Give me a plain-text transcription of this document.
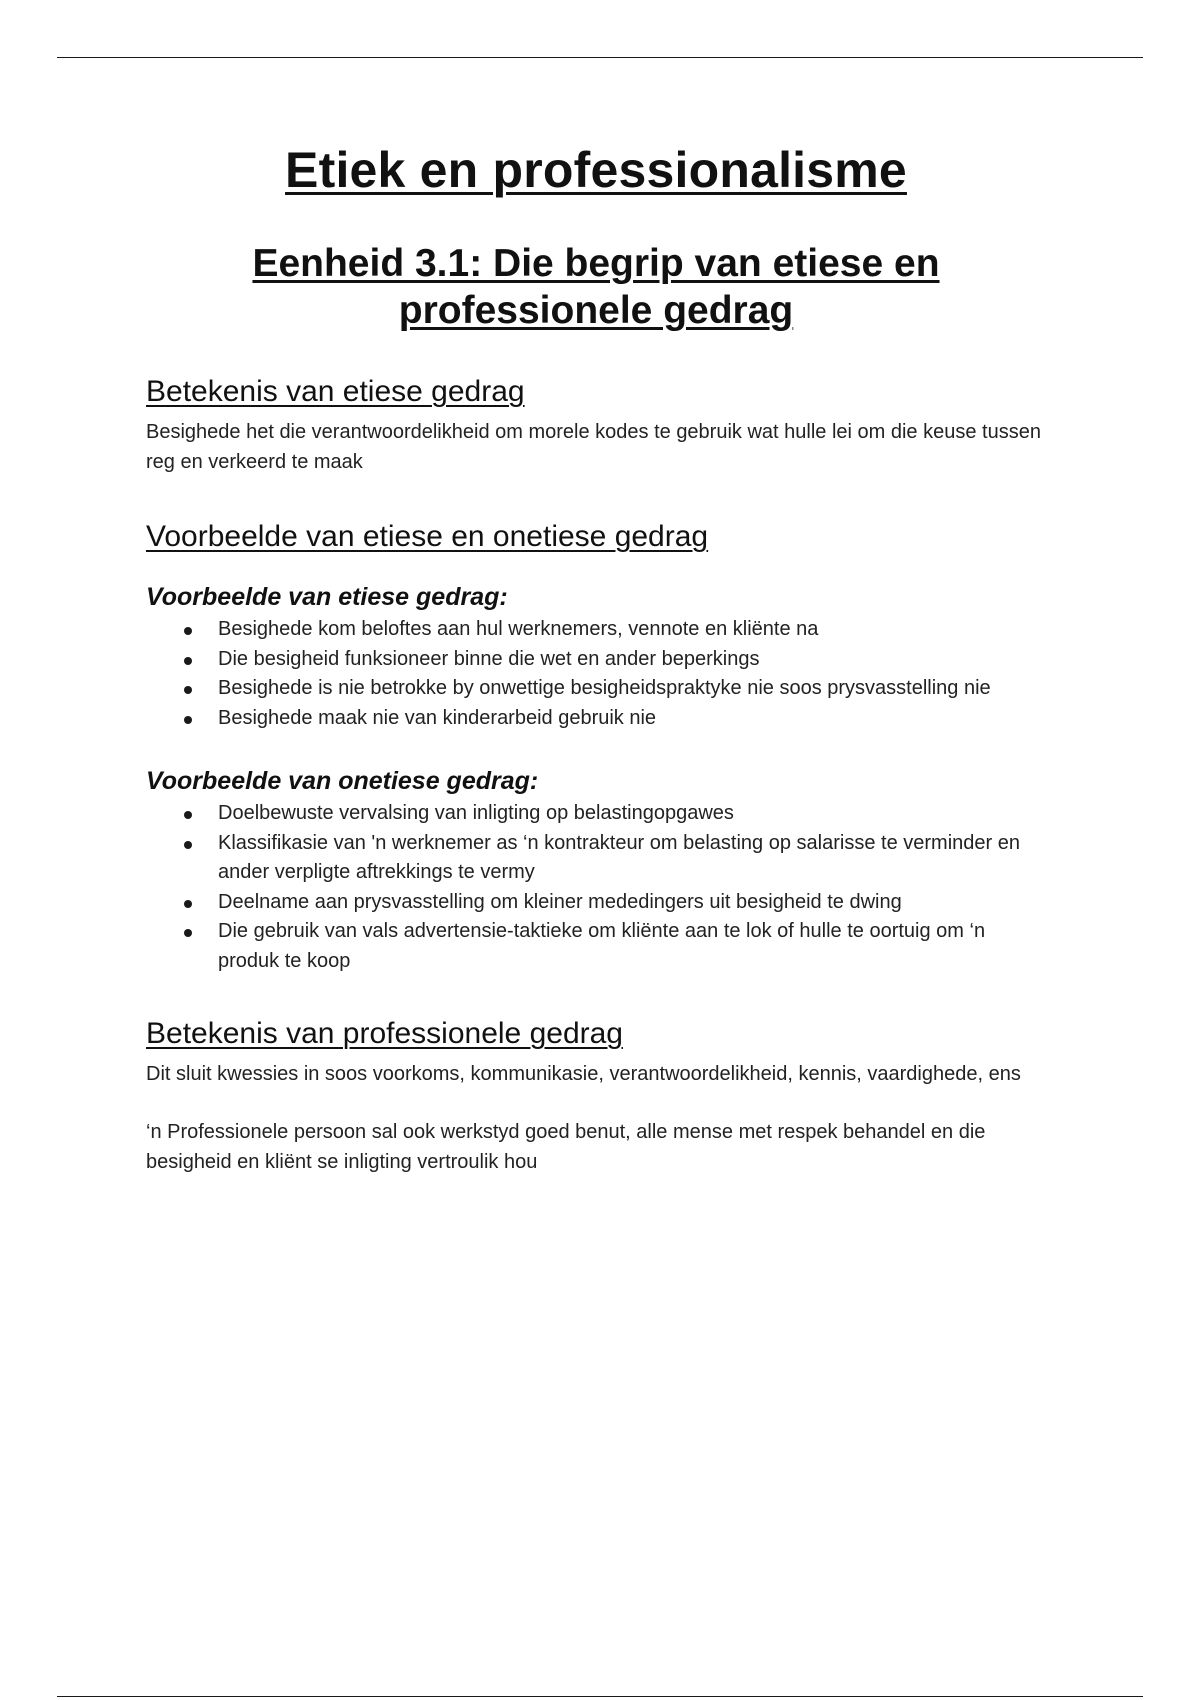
Etiek en professionalisme
Eenheid 3.1: Die begrip van etiese en professionele gedrag
Betekenis van etiese gedrag

Besighede het die verantwoordelikheid om morele kodes te gebruik wat hulle lei om die keuse tussen reg en verkeerd te maak

Voorbeelde van etiese en onetiese gedrag
Voorbeelde van etiese gedrag:
Besighede kom beloftes aan hul werknemers, vennote en kliënte na
Die besigheid funksioneer binne die wet en ander beperkings
Besighede is nie betrokke by onwettige besigheidspraktyke nie soos prysvasstelling nie
Besighede maak nie van kinderarbeid gebruik nie
Voorbeelde van onetiese gedrag:
Doelbewuste vervalsing van inligting op belastingopgawes
Klassifikasie van 'n werknemer as ‘n kontrakteur om belasting op salarisse te verminder en ander verpligte aftrekkings te vermy
Deelname aan prysvasstelling om kleiner mededingers uit besigheid te dwing
Die gebruik van vals advertensie-taktieke om kliënte aan te lok of hulle te oortuig om ‘n produk te koop
Betekenis van professionele gedrag

Dit sluit kwessies in soos voorkoms, kommunikasie, verantwoordelikheid, kennis, vaardighede, ens

‘n Professionele persoon sal ook werkstyd goed benut, alle mense met respek behandel en die besigheid en kliënt se inligting vertroulik hou
